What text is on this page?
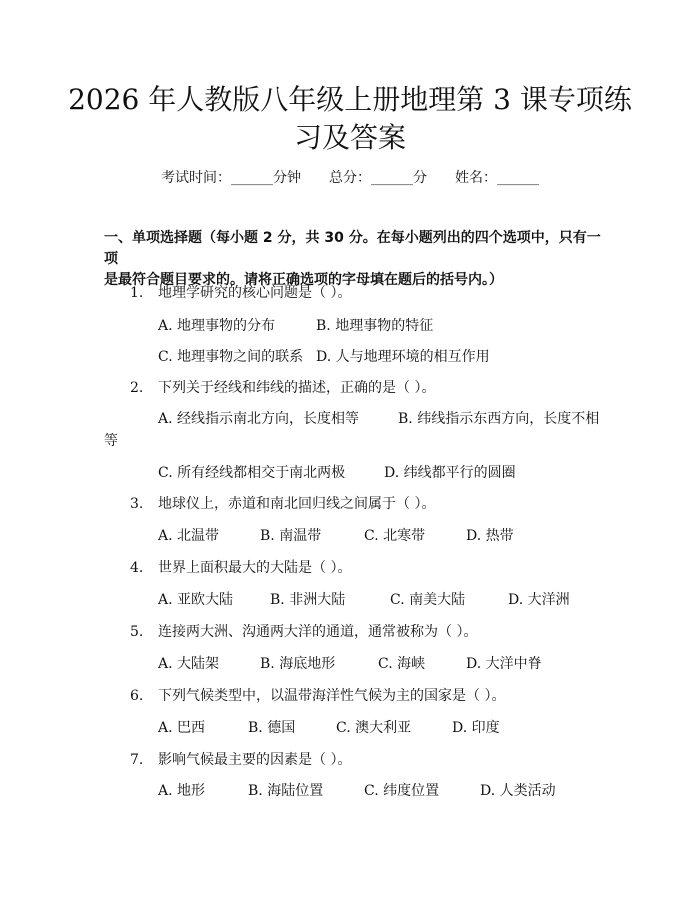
2026 年人教版八年级上册地理第 3 课专项练
习及答案
考试时间：______分钟 总分：______分 姓名：______
一、单项选择题（每小题 2 分，共 30 分。在每小题列出的四个选项中，只有一项
是最符合题目要求的。请将正确选项的字母填在题后的括号内。）
1. 地理学研究的核心问题是（ ）。
A. 地理事物的分布	B. 地理事物的特征
C. 地理事物之间的联系 D. 人与地理环境的相互作用
2. 下列关于经线和纬线的描述，正确的是（ ）。
A. 经线指示南北方向，长度相等	B. 纬线指示东西方向，长度不相
等
C. 所有经线都相交于南北两极	D. 纬线都平行的圆圈
3. 地球仪上，赤道和南北回归线之间属于（ ）。
A. 北温带	B. 南温带	C. 北寒带	D. 热带
4. 世界上面积最大的大陆是（ ）。
A. 亚欧大陆	B. 非洲大陆	C. 南美大陆	D. 大洋洲
5. 连接两大洲、沟通两大洋的通道，通常被称为（ ）。
A. 大陆架	B. 海底地形	C. 海峡	D. 大洋中脊
6. 下列气候类型中，以温带海洋性气候为主的国家是（ ）。
A. 巴西	B. 德国	C. 澳大利亚	D. 印度
7. 影响气候最主要的因素是（ ）。
A. 地形	B. 海陆位置	C. 纬度位置	D. 人类活动
